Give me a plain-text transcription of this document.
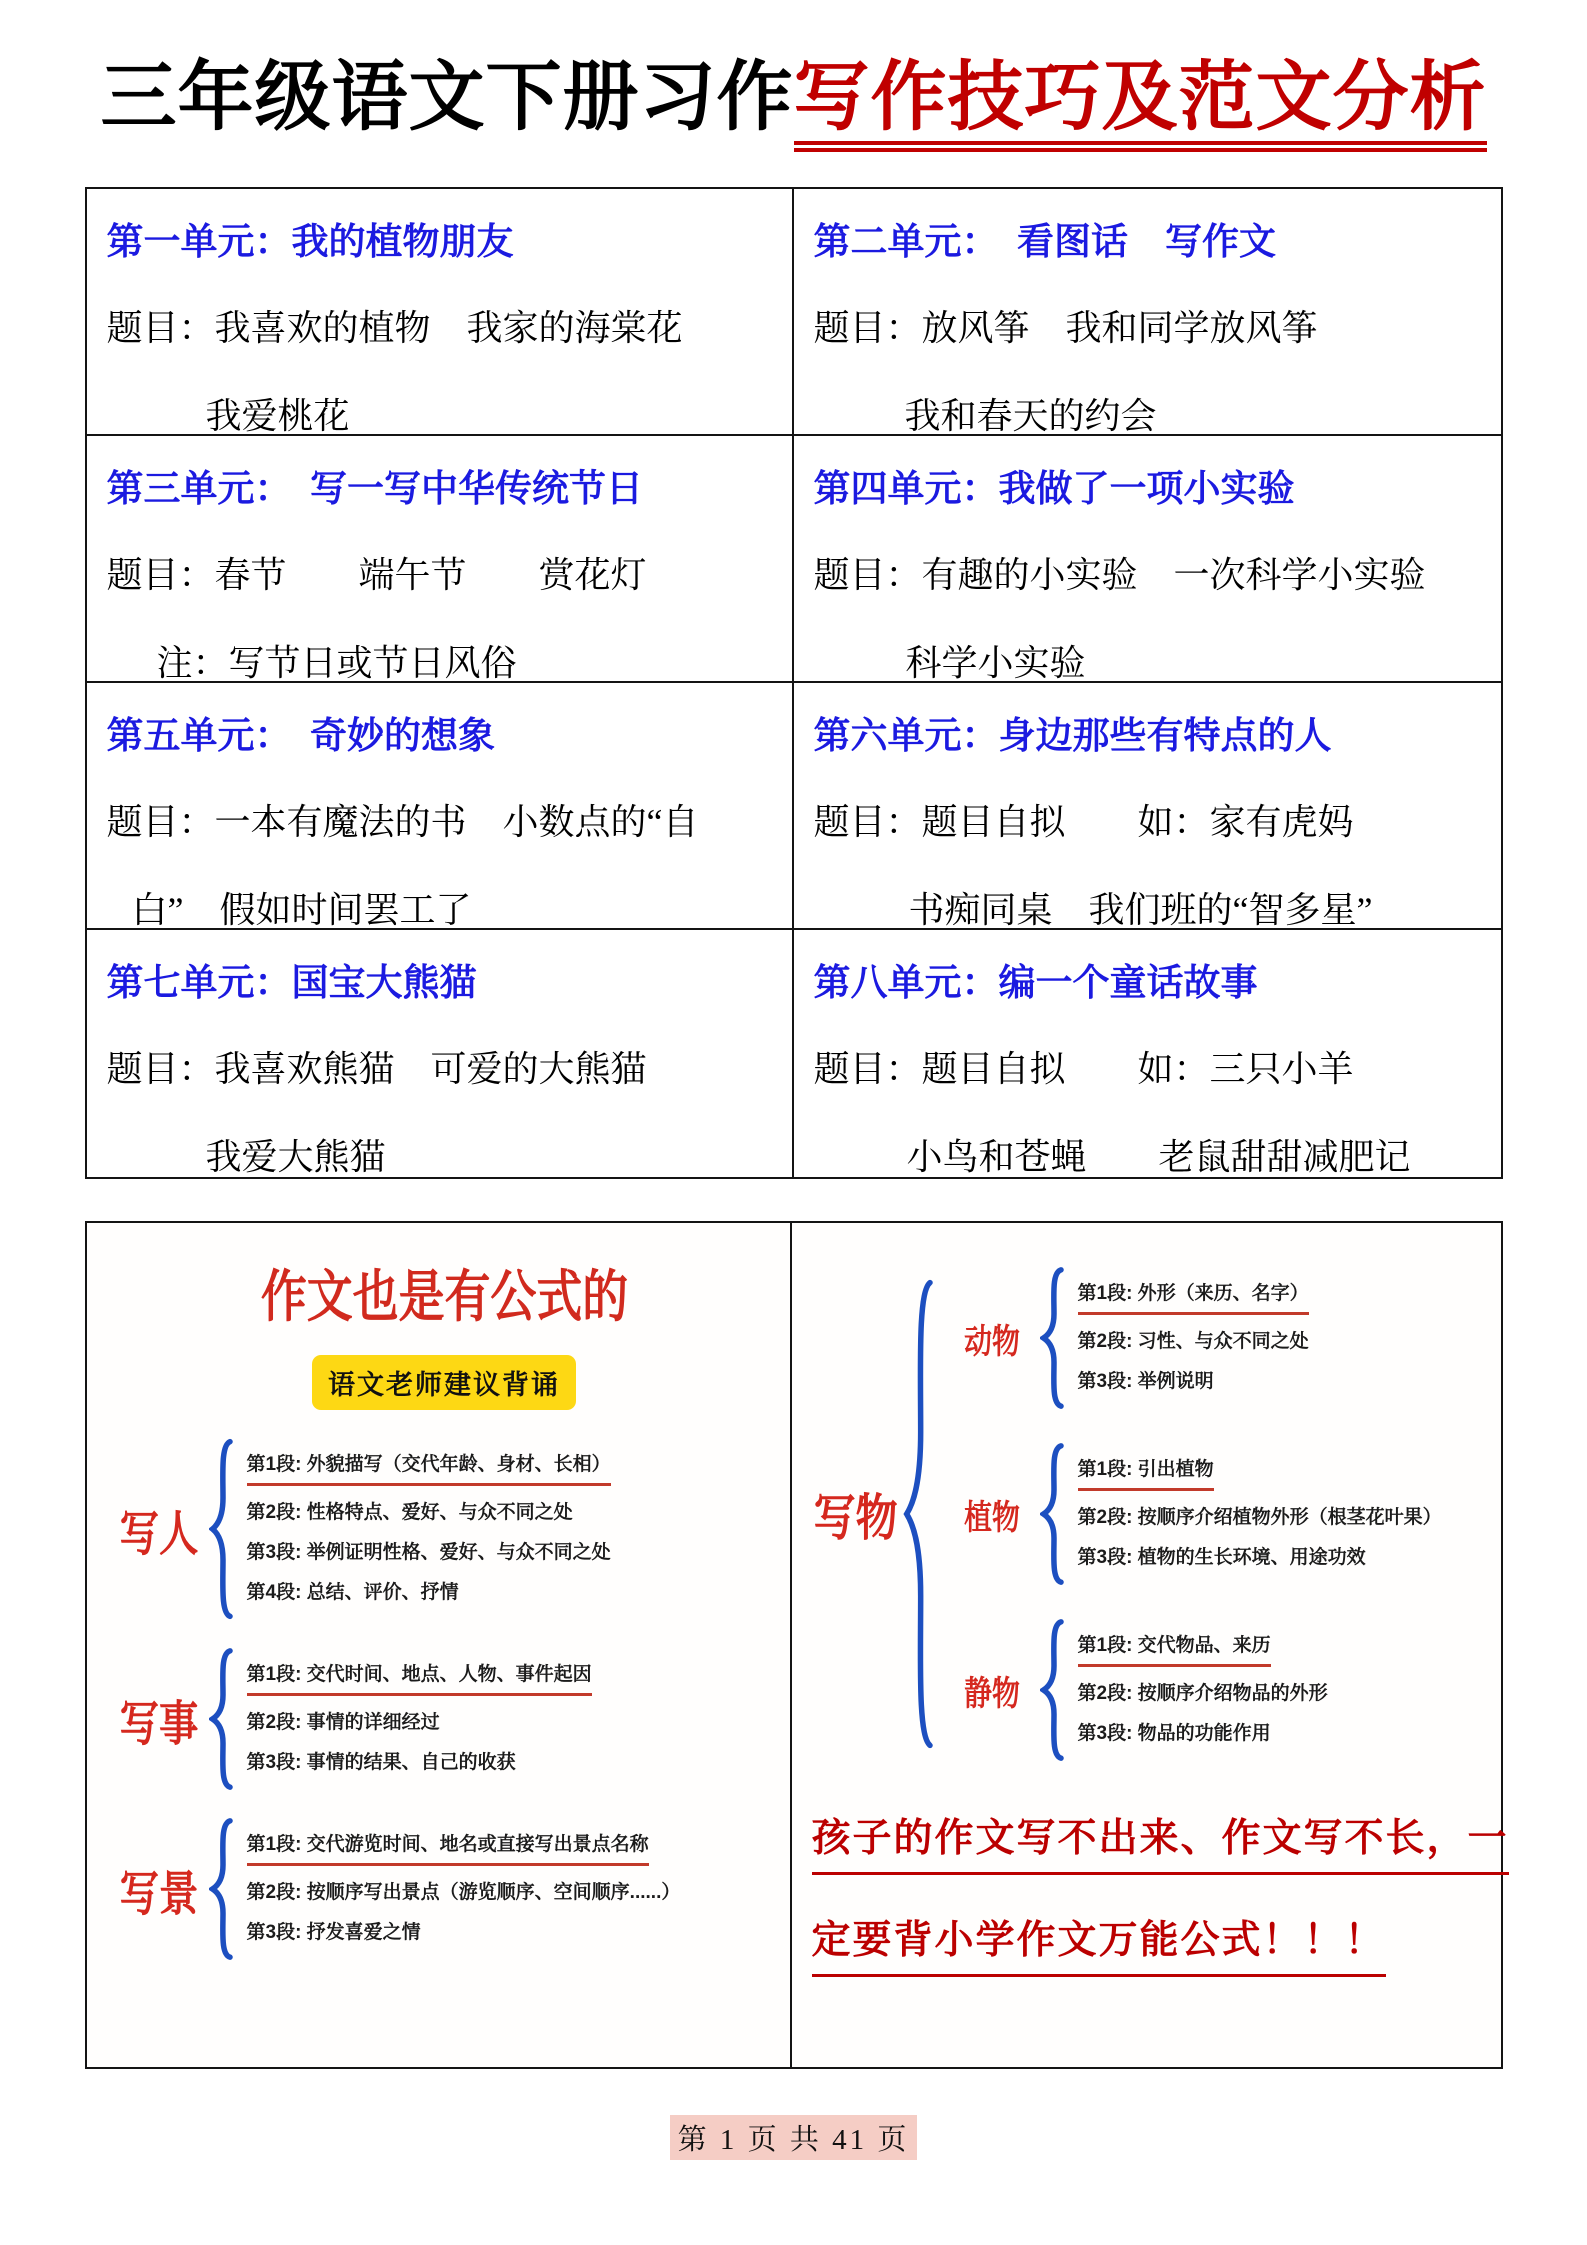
三年级语文下册习作写作技巧及范文分析
第一单元：我的植物朋友
题目：我喜欢的植物　我家的海棠花
我爱桃花
第二单元：　看图话　写作文
题目：放风筝　我和同学放风筝
我和春天的约会
第三单元：　写一写中华传统节日
题目：春节　　端午节　　赏花灯
注：写节日或节日风俗
第四单元：我做了一项小实验
题目：有趣的小实验　一次科学小实验
科学小实验
第五单元：　奇妙的想象
题目：一本有魔法的书　小数点的“自
白”　假如时间罢工了
第六单元：身边那些有特点的人
题目：题目自拟　　如：家有虎妈
书痴同桌　我们班的“智多星”
第七单元：国宝大熊猫
题目：我喜欢熊猫　可爱的大熊猫
我爱大熊猫
第八单元：编一个童话故事
题目：题目自拟　　如：三只小羊
小鸟和苍蝇　　老鼠甜甜减肥记
作文也是有公式的
语文老师建议背诵
写人
第1段: 外貌描写（交代年龄、身材、长相）
第2段: 性格特点、爱好、与众不同之处
第3段: 举例证明性格、爱好、与众不同之处
第4段: 总结、评价、抒情
写事
第1段: 交代时间、地点、人物、事件起因
第2段: 事情的详细经过
第3段: 事情的结果、自己的收获
写景
第1段: 交代游览时间、地名或直接写出景点名称
第2段: 按顺序写出景点（游览顺序、空间顺序......）
第3段: 抒发喜爱之情
写物
动物
第1段: 外形（来历、名字）
第2段: 习性、与众不同之处
第3段: 举例说明
植物
第1段: 引出植物
第2段: 按顺序介绍植物外形（根茎花叶果）
第3段: 植物的生长环境、用途功效
静物
第1段: 交代物品、来历
第2段: 按顺序介绍物品的外形
第3段: 物品的功能作用
孩子的作文写不出来、作文写不长，一
定要背小学作文万能公式！！！
第 1 页 共 41 页
